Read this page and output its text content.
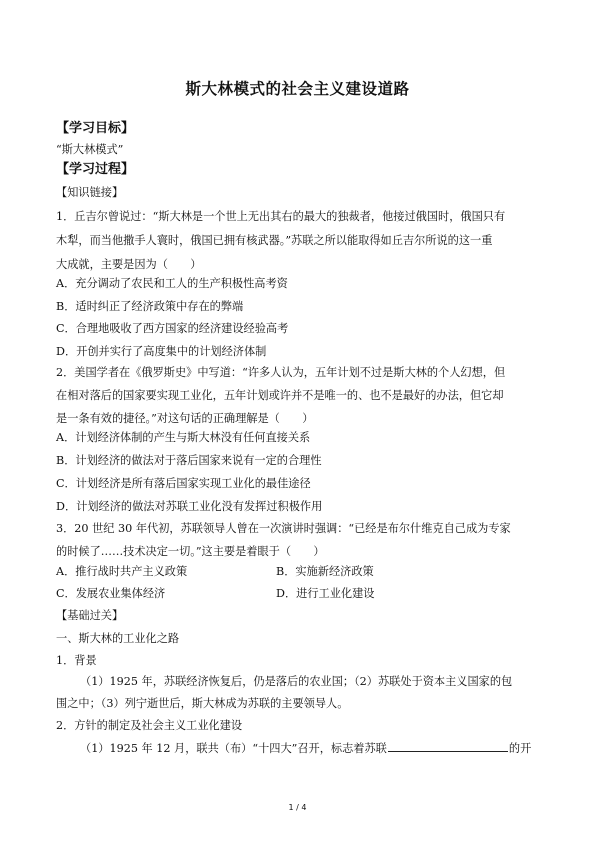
斯大林模式的社会主义建设道路
【学习目标】
“斯大林模式”
【学习过程】
【知识链接】
1．丘吉尔曾说过：“斯大林是一个世上无出其右的最大的独裁者，他接过俄国时，俄国只有
木犁，而当他撒手人寰时，俄国已拥有核武器。”苏联之所以能取得如丘吉尔所说的这一重
大成就，主要是因为（　　）
A．充分调动了农民和工人的生产积极性高考资
B．适时纠正了经济政策中存在的弊端
C．合理地吸收了西方国家的经济建设经验高考
D．开创并实行了高度集中的计划经济体制
2．美国学者在《俄罗斯史》中写道：“许多人认为，五年计划不过是斯大林的个人幻想，但
在相对落后的国家要实现工业化，五年计划或许并不是唯一的、也不是最好的办法，但它却
是一条有效的捷径。”对这句话的正确理解是（　　）
A．计划经济体制的产生与斯大林没有任何直接关系
B．计划经济的做法对于落后国家来说有一定的合理性
C．计划经济是所有落后国家实现工业化的最佳途径
D．计划经济的做法对苏联工业化没有发挥过积极作用
3．20 世纪 30 年代初，苏联领导人曾在一次演讲时强调：“已经是布尔什维克自己成为专家
的时候了……技术决定一切。”这主要是着眼于（　　）
A．推行战时共产主义政策	B．实施新经济政策
C．发展农业集体经济	D．进行工业化建设
【基础过关】
一、斯大林的工业化之路
1．背景
（1）1925 年，苏联经济恢复后，仍是落后的农业国；（2）苏联处于资本主义国家的包
围之中；（3）列宁逝世后，斯大林成为苏联的主要领导人。
2．方针的制定及社会主义工业化建设
（1）1925 年 12 月，联共（布）“十四大”召开，标志着苏联	的开
1 / 4
